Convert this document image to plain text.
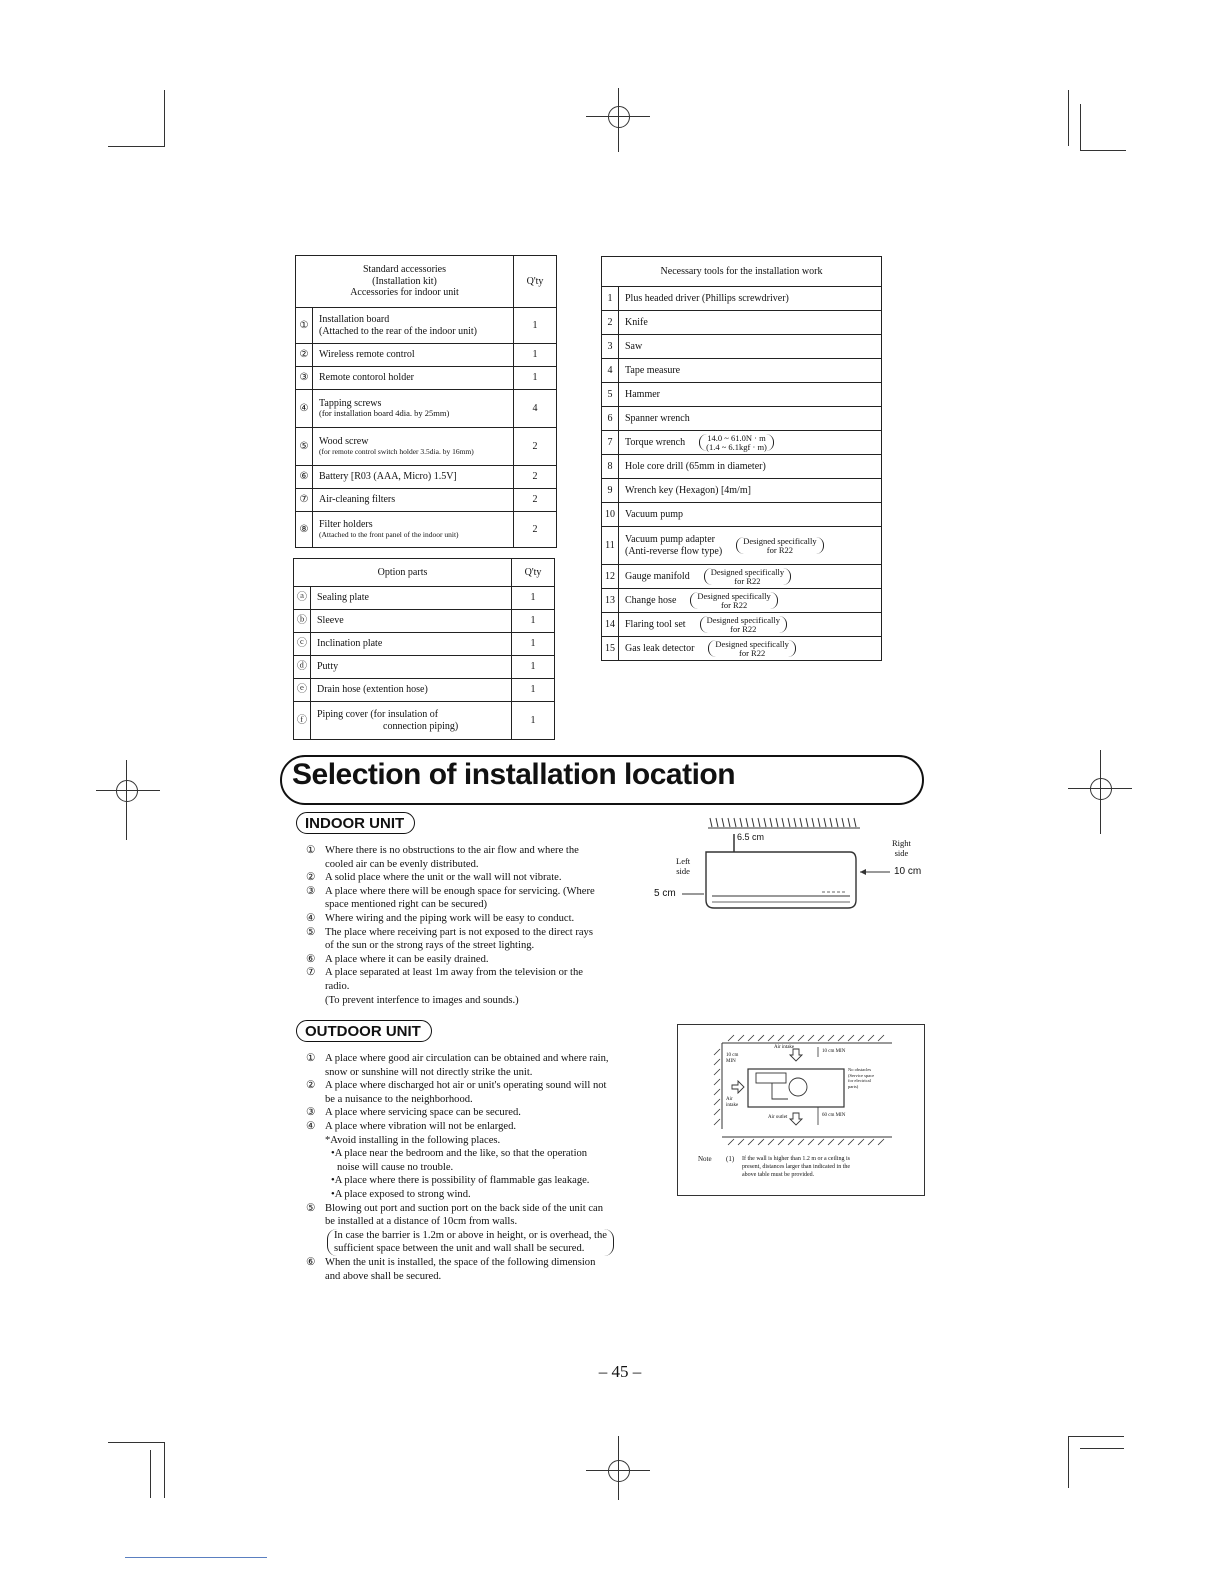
Standard accessories
(Installation kit)
Accessories for indoor unit		Q'ty
①	Installation board
(Attached to the rear of the indoor unit)	1
②	Wireless remote control	1
③	Remote contorol holder	1
④	Tapping screws
(for installation board 4dia. by 25mm)	4
⑤	Wood screw
(for remote control switch holder 3.5dia. by 16mm)	2
⑥	Battery [R03 (AAA, Micro) 1.5V]	2
⑦	Air-cleaning filters	2
⑧	Filter holders
(Attached to the front panel of the indoor unit)	2
Option parts		Q'ty
ⓐ	Sealing plate	1
ⓑ	Sleeve	1
ⓒ	Inclination plate	1
ⓓ	Putty	1
ⓔ	Drain hose (extention hose)	1
ⓕ	Piping cover (for insulation of
connection piping)	1
Necessary tools for the installation work	
1	Plus headed driver (Phillips screwdriver)
2	Knife
3	Saw
4	Tape measure
5	Hammer
6	Spanner wrench
7	Torque wrench 14.0 ~ 61.0N · m
(1.4 ~ 6.1kgf · m)

8	Hole core drill (65mm in diameter)
9	Wrench key (Hexagon) [4m/m]
10	Vacuum pump
11	Vacuum pump adapter
(Anti-reverse flow type)
Designed specifically
for R22

12	Gauge manifold Designed specifically
for R22

13	Change hose Designed specifically
for R22

14	Flaring tool set Designed specifically
for R22

15	Gas leak detector Designed specifically
for R22
Selection of installation location
INDOOR UNIT
① Where there is no obstructions to the air flow and where the
cooled air can be evenly distributed.
② A solid place where the unit or the wall will not vibrate.
③ A place where there will be enough space for servicing. (Where
space mentioned right can be secured)
④ Where wiring and the piping work will be easy to conduct.
⑤ The place where receiving part is not exposed to the direct rays
of the sun or the strong rays of the street lighting.
⑥ A place where it can be easily drained.
⑦ A place separated at least 1m away from the television or the
radio.
(To prevent interfence to images and sounds.)
6.5 cm
Left
side
Right
side
5 cm
10 cm
OUTDOOR UNIT
① A place where good air circulation can be obtained and where rain,
snow or sunshine will not directly strike the unit.
② A place where discharged hot air or unit's operating sound will not
be a nuisance to the neighborhood.
③ A place where servicing space can be secured.
④ A place where vibration will not be enlarged.
*Avoid installing in the following places.
•A place near the bedroom and the like, so that the operation
noise will cause no trouble.
•A place where there is possibility of flammable gas leakage.
•A place exposed to strong wind.
⑤ Blowing out port and suction port on the back side of the unit can
be installed at a distance of 10cm from walls.
In case the barrier is 1.2m or above in height, or is overhead, the
sufficient space between the unit and wall shall be secured.
⑥ When the unit is installed, the space of the following dimension
and above shall be secured.
Air intake
10 cm MIN
10 cm
MIN
No obstacles
(Service space
for electrical
parts)
Air
intake
Air outlet	60 cm MIN
Note (1) If the wall is higher than 1.2 m or a ceiling is
present, distances larger than indicated in the
above table must be provided.
– 45 –
